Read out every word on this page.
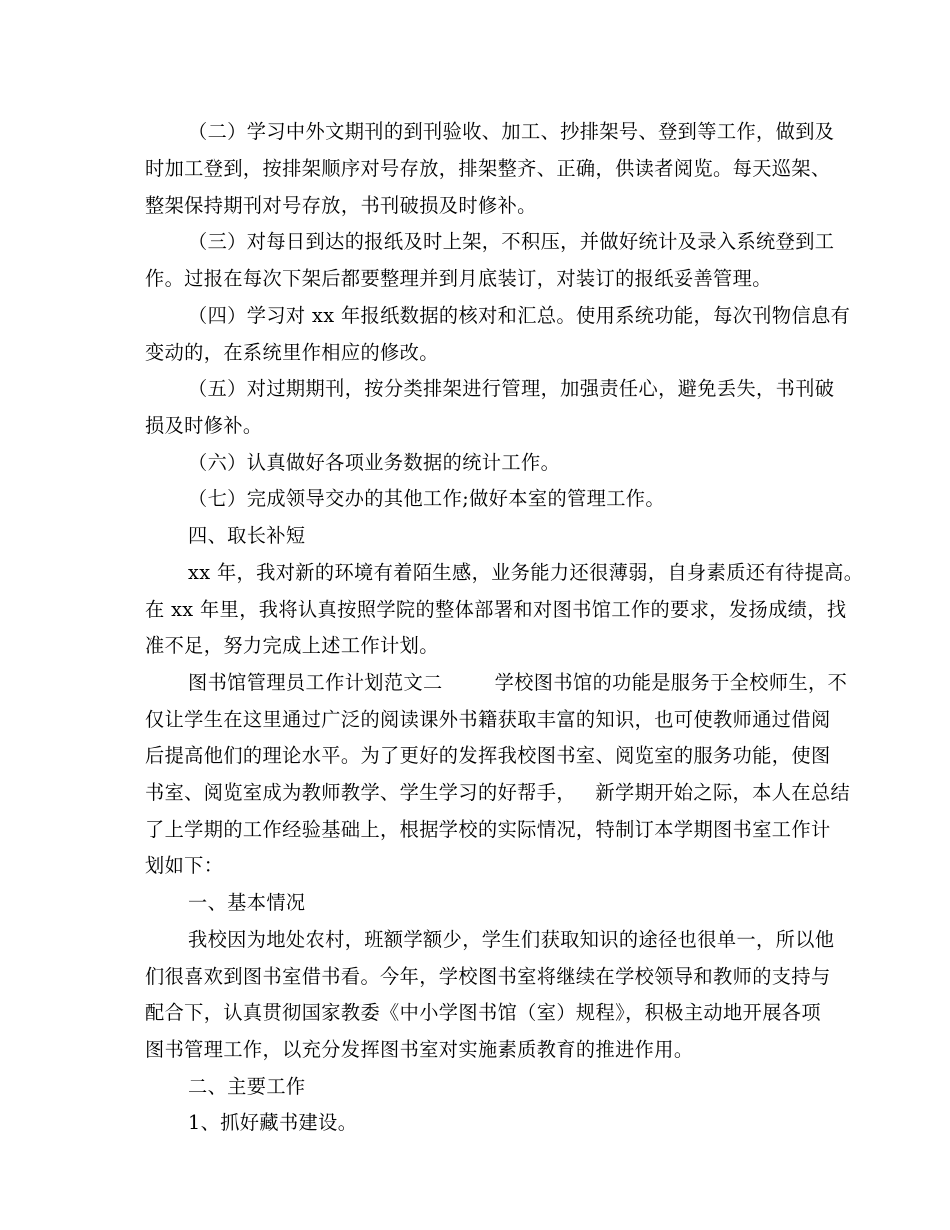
（二）学习中外文期刊的到刊验收、加工、抄排架号、登到等工作，做到及
时加工登到，按排架顺序对号存放，排架整齐、正确，供读者阅览。每天巡架、
整架保持期刊对号存放，书刊破损及时修补。
（三）对每日到达的报纸及时上架，不积压，并做好统计及录入系统登到工
作。过报在每次下架后都要整理并到月底装订，对装订的报纸妥善管理。
（四）学习对 xx 年报纸数据的核对和汇总。使用系统功能，每次刊物信息有
变动的，在系统里作相应的修改。
（五）对过期期刊，按分类排架进行管理，加强责任心，避免丢失，书刊破
损及时修补。
（六）认真做好各项业务数据的统计工作。
（七）完成领导交办的其他工作;做好本室的管理工作。
四、取长补短
xx 年，我对新的环境有着陌生感，业务能力还很薄弱，自身素质还有待提高。
在 xx 年里，我将认真按照学院的整体部署和对图书馆工作的要求，发扬成绩，找
准不足，努力完成上述工作计划。
图书馆管理员工作计划范文二        学校图书馆的功能是服务于全校师生，不
仅让学生在这里通过广泛的阅读课外书籍获取丰富的知识，也可使教师通过借阅
后提高他们的理论水平。为了更好的发挥我校图书室、阅览室的服务功能，使图
书室、阅览室成为教师教学、学生学习的好帮手，   新学期开始之际，本人在总结
了上学期的工作经验基础上，根据学校的实际情况，特制订本学期图书室工作计
划如下：
一、基本情况
我校因为地处农村，班额学额少，学生们获取知识的途径也很单一，所以他
们很喜欢到图书室借书看。今年，学校图书室将继续在学校领导和教师的支持与
配合下，认真贯彻国家教委《中小学图书馆（室）规程》，积极主动地开展各项
图书管理工作，以充分发挥图书室对实施素质教育的推进作用。
二、主要工作
1、抓好藏书建设。
